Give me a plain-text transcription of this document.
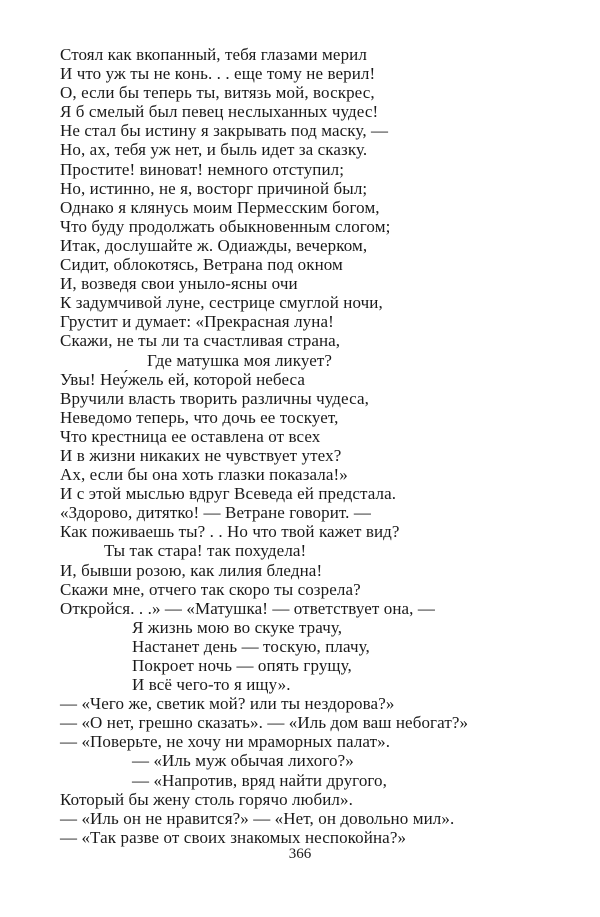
Стоял как вкопанный, тебя глазами мерил
И что уж ты не конь. . . еще тому не верил!
О, если бы теперь ты, витязь мой, воскрес,
Я б смелый был певец неслыханных чудес!
Не стал бы истину я закрывать под маску, —
Но, ах, тебя уж нет, и быль идет за сказку.
Простите! виноват! немного отступил;
Но, истинно, не я, восторг причиной был;
Однако я клянусь моим Пермесским богом,
Что буду продолжать обыкновенным слогом;
Итак, дослушайте ж. Одиажды, вечерком,
Сидит, облокотясь, Ветрана под окном
И, возведя свои уныло-ясны очи
К задумчивой луне, сестрице смуглой ночи,
Грустит и думает: «Прекрасная луна!
Скажи, не ты ли та счастливая страна,
Где матушка моя ликует?
Увы! Неу́жель ей, которой небеса
Вручили власть творить различны чудеса,
Неведомо теперь, что дочь ее тоскует,
Что крестница ее оставлена от всех
И в жизни никаких не чувствует утех?
Ах, если бы она хоть глазки показала!»
И с этой мыслью вдруг Всеведа ей предстала.
«Здорово, дитятко! — Ветране говорит. —
Как поживаешь ты? . . Но что твой кажет вид?
Ты так стара! так похудела!
И, бывши розою, как лилия бледна!
Скажи мне, отчего так скоро ты созрела?
Откройся. . .» — «Матушка! — ответствует она, —
Я жизнь мою во скуке трачу,
Настанет день — тоскую, плачу,
Покроет ночь — опять грущу,
И всё чего-то я ищу».
— «Чего же, светик мой? или ты нездорова?»
— «О нет, грешно сказать». — «Иль дом ваш небогат?»
— «Поверьте, не хочу ни мраморных палат».
— «Иль муж обычая лихого?»
— «Напротив, вряд найти другого,
Который бы жену столь горячо любил».
— «Иль он не нравится?» — «Нет, он довольно мил».
— «Так разве от своих знакомых неспокойна?»
366
